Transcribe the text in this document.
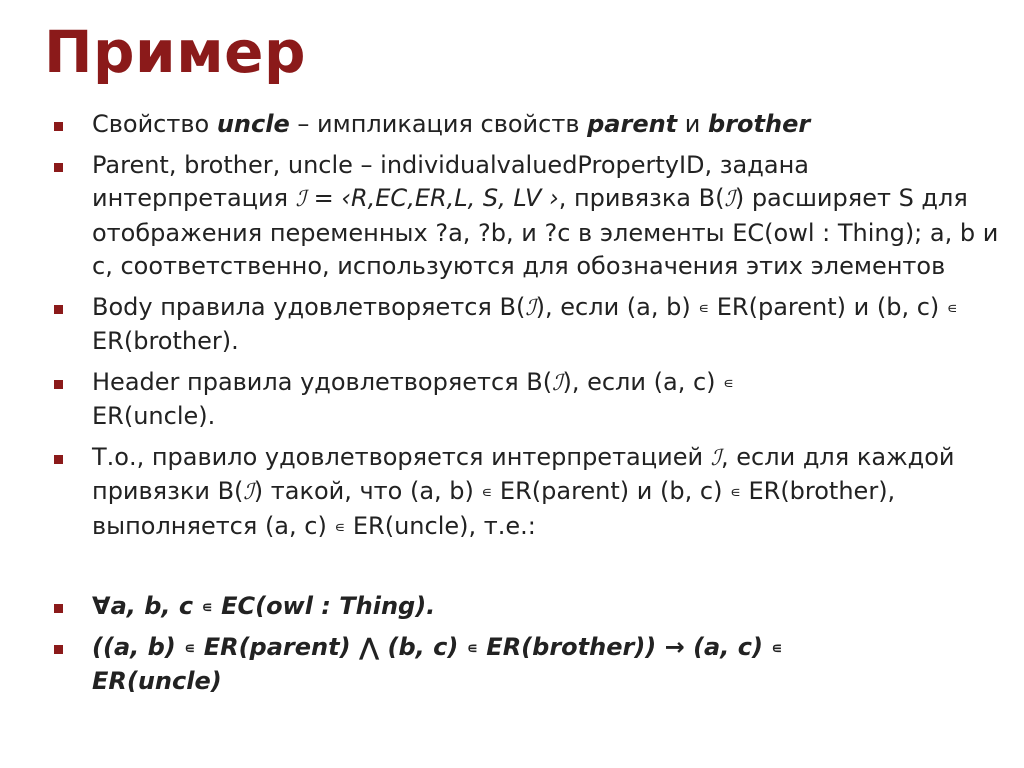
Пример
Свойство uncle – импликация свойств parent и brother
Parent, brother, uncle – individualvaluedPropertyID, задана интерпретация ℐ = ‹R,EC,ER,L, S, LV ›, привязка B(ℐ) расширяет S для отображения переменных ?a, ?b, и ?c в элементы EC(owl : Thing); a, b и c, соответственно, используются для обозначения этих элементов
Body правила удовлетворяется B(ℐ), если (a, b) ∊ ER(parent) и (b, c) ∊ ER(brother).
Header правила удовлетворяется B(ℐ), если (a, c) ∊
ER(uncle).
Т.о., правило удовлетворяется интерпретацией ℐ, если для каждой привязки B(ℐ) такой, что (a, b) ∊ ER(parent) и (b, c) ∊ ER(brother), выполняется (a, c) ∊ ER(uncle), т.е.:
∀a, b, c ∊ EC(owl : Thing).
((a, b) ∊ ER(parent) ⋀ (b, c) ∊ ER(brother)) → (a, c) ∊
ER(uncle)
